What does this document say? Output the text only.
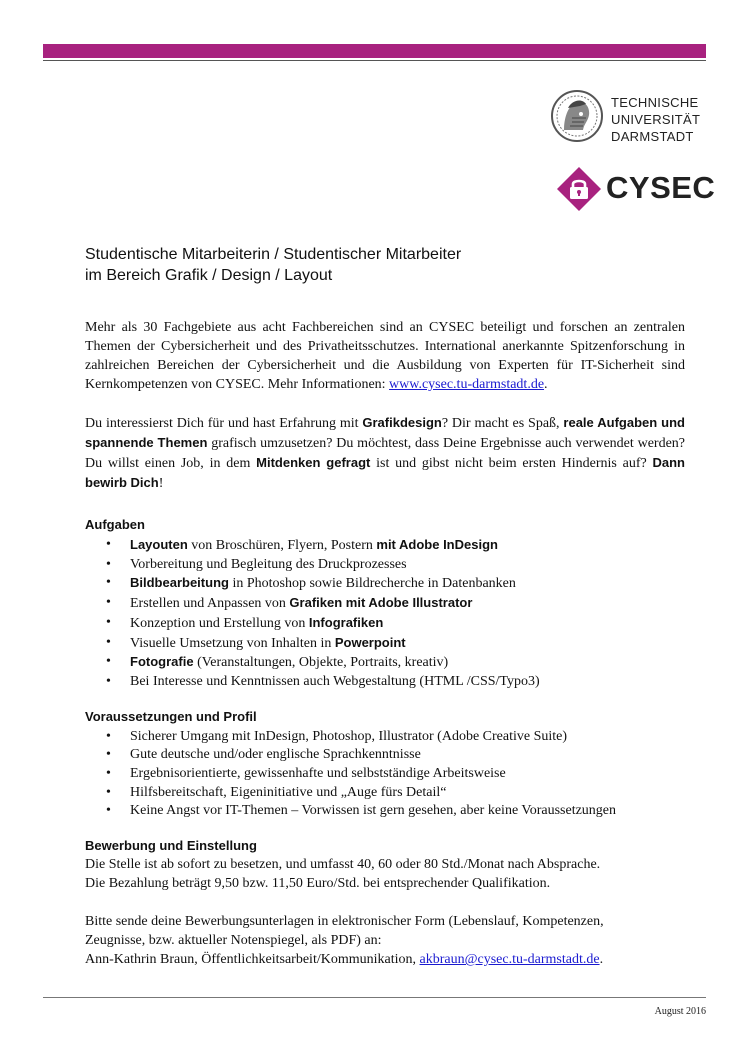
TECHNISCHE
UNIVERSITÄT
DARMSTADT
CYSEC
Studentische Mitarbeiterin / Studentischer Mitarbeiter
im Bereich Grafik / Design / Layout

Mehr als 30 Fachgebiete aus acht Fachbereichen sind an CYSEC beteiligt und forschen an zentralen Themen der Cybersicherheit und des Privatheitsschutzes. International anerkannte Spitzenforschung in zahlreichen Bereichen der Cybersicherheit und die Ausbildung von Experten für IT-Sicherheit sind Kernkompetenzen von CYSEC. Mehr Informationen: www.cysec.tu-darmstadt.de.

Du interessierst Dich für und hast Erfahrung mit Grafikdesign? Dir macht es Spaß, reale Aufgaben und spannende Themen grafisch umzusetzen? Du möchtest, dass Deine Ergebnisse auch verwendet werden? Du willst einen Job, in dem Mitdenken gefragt ist und gibst nicht beim ersten Hindernis auf? Dann bewirb Dich!

Aufgaben
• Layouten von Broschüren, Flyern, Postern mit Adobe InDesign
• Vorbereitung und Begleitung des Druckprozesses
• Bildbearbeitung in Photoshop sowie Bildrecherche in Datenbanken
• Erstellen und Anpassen von Grafiken mit Adobe Illustrator
• Konzeption und Erstellung von Infografiken
• Visuelle Umsetzung von Inhalten in Powerpoint
• Fotografie (Veranstaltungen, Objekte, Portraits, kreativ)
• Bei Interesse und Kenntnissen auch Webgestaltung (HTML /CSS/Typo3)
Voraussetzungen und Profil
• Sicherer Umgang mit InDesign, Photoshop, Illustrator (Adobe Creative Suite)
• Gute deutsche und/oder englische Sprachkenntnisse
• Ergebnisorientierte, gewissenhafte und selbstständige Arbeitsweise
• Hilfsbereitschaft, Eigeninitiative und „Auge fürs Detail“
• Keine Angst vor IT-Themen – Vorwissen ist gern gesehen, aber keine Voraussetzungen
Bewerbung und Einstellung

Die Stelle ist ab sofort zu besetzen, und umfasst 40, 60 oder 80 Std./Monat nach Absprache.

Die Bezahlung beträgt 9,50 bzw. 11,50 Euro/Std. bei entsprechender Qualifikation.

Bitte sende deine Bewerbungsunterlagen in elektronischer Form (Lebenslauf, Kompetenzen,

Zeugnisse, bzw. aktueller Notenspiegel, als PDF) an:

Ann-Kathrin Braun, Öffentlichkeitsarbeit/Kommunikation, akbraun@cysec.tu-darmstadt.de.

August 2016
